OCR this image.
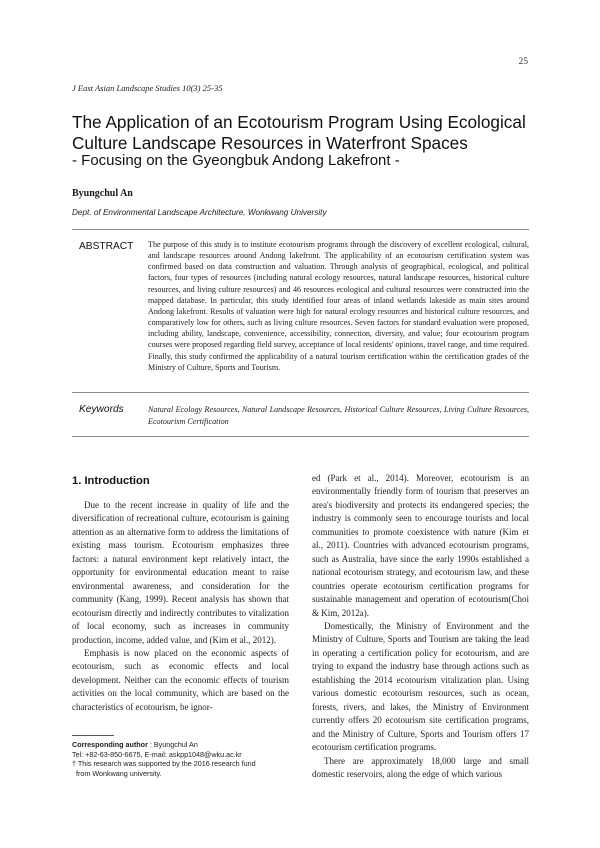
25
J East Asian Landscape Studies 10(3) 25-35
The Application of an Ecotourism Program Using Ecological Culture Landscape Resources in Waterfront Spaces
- Focusing on the Gyeongbuk Andong Lakefront -
Byungchul An
Dept. of Environmental Landscape Architecture, Wonkwang University
ABSTRACT The purpose of this study is to institute ecotourism programs through the discovery of excellent ecological, cultural, and landscape resources around Andong lakefront. The applicability of an ecotourism certification system was confirmed based on data construction and valuation. Through analysis of geographical, ecological, and political factors, four types of resources (including natural ecology resources, natural landscape resources, historical culture resources, and living culture resources) and 46 resources ecological and cultural resources were constructed into the mapped database. In particular, this study identified four areas of inland wetlands lakeside as main sites around Andong lakefront. Results of valuation were high for natural ecology resources and historical culture resources, and comparatively low for others, such as living culture resources. Seven factors for standard evaluation were proposed, including ability, landscape, convenience, accessibility, connection, diversity, and value; four ecotourism program courses were proposed regarding field survey, acceptance of local residents' opinions, travel range, and time required. Finally, this study confirmed the applicability of a natural tourism certification within the certification grades of the Ministry of Culture, Sports and Tourism.

Keywords	Natural Ecology Resources, Natural Landscape Resources, Historical Culture Resources, Living Culture Resources, Ecotourism Certification

1. Introduction

Due to the recent increase in quality of life and the diversification of recreational culture, ecotourism is gaining attention as an alternative form to address the limitations of existing mass tourism. Ecotourism emphasizes three factors: a natural environment kept relatively intact, the opportunity for environmental education meant to raise environmental awareness, and consideration for the community (Kang, 1999). Recent analysis has shown that ecotourism directly and indirectly contributes to vitalization of local economy, such as increases in community production, income, added value, and (Kim et al., 2012).

Emphasis is now placed on the economic aspects of ecotourism, such as economic effects and local development. Neither can the economic effects of tourism activities on the local community, which are based on the characteristics of ecotourism, be ignor-

ed (Park et al., 2014). Moreover, ecotourism is an environmentally friendly form of tourism that preserves an area's biodiversity and protects its endangered species; the industry is commonly seen to encourage tourists and local communities to promote coexistence with nature (Kim et al., 2011). Countries with advanced ecotourism programs, such as Australia, have since the early 1990s established a national ecotourism strategy, and ecotourism law, and these countries operate ecotourism certification programs for sustainable management and operation of ecotourism(Choi & Kim, 2012a).

Domestically, the Ministry of Environment and the Ministry of Culture, Sports and Tourism are taking the lead in operating a certification policy for ecotourism, and are trying to expand the industry base through actions such as establishing the 2014 ecotourism vitalization plan. Using various domestic ecotourism resources, such as ocean, forests, rivers, and lakes, the Ministry of Environment currently offers 20 ecotourism site certification programs, and the Ministry of Culture, Sports and Tourism offers 17 ecotourism certification programs.

There are approximately 18,000 large and small domestic reservoirs, along the edge of which various

Corresponding author : Byungchul An
Tel: +82-63-850-6675, E-mail: askpp1048@wku.ac.kr
† This research was supported by the 2016 research fund
from Wonkwang university.
